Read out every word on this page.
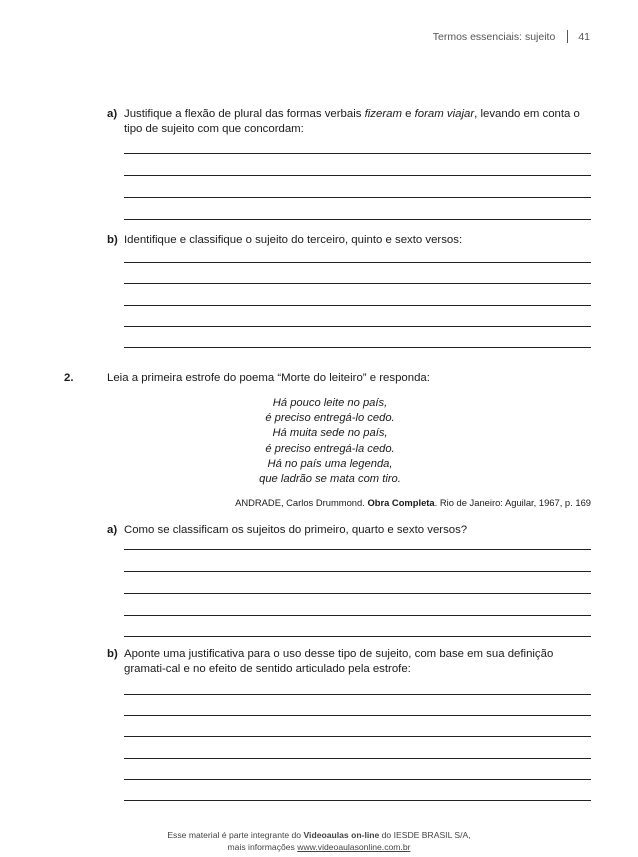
Termos essenciais: sujeito 41
a) Justifique a flexão de plural das formas verbais fizeram e foram viajar, levando em conta o tipo de sujeito com que concordam:
b) Identifique e classifique o sujeito do terceiro, quinto e sexto versos:
2.	Leia a primeira estrofe do poema “Morte do leiteiro” e responda:
Há pouco leite no país,
é preciso entregá-lo cedo.
Há muita sede no país,
é preciso entregá-la cedo.
Há no país uma legenda,
que ladrão se mata com tiro.
ANDRADE, Carlos Drummond. Obra Completa. Rio de Janeiro: Aguilar, 1967, p. 169
a) Como se classificam os sujeitos do primeiro, quarto e sexto versos?
b) Aponte uma justificativa para o uso desse tipo de sujeito, com base em sua definição gramati-cal e no efeito de sentido articulado pela estrofe:
Esse material é parte integrante do Videoaulas on-line do IESDE BRASIL S/A,
mais informações www.videoaulasonline.com.br
